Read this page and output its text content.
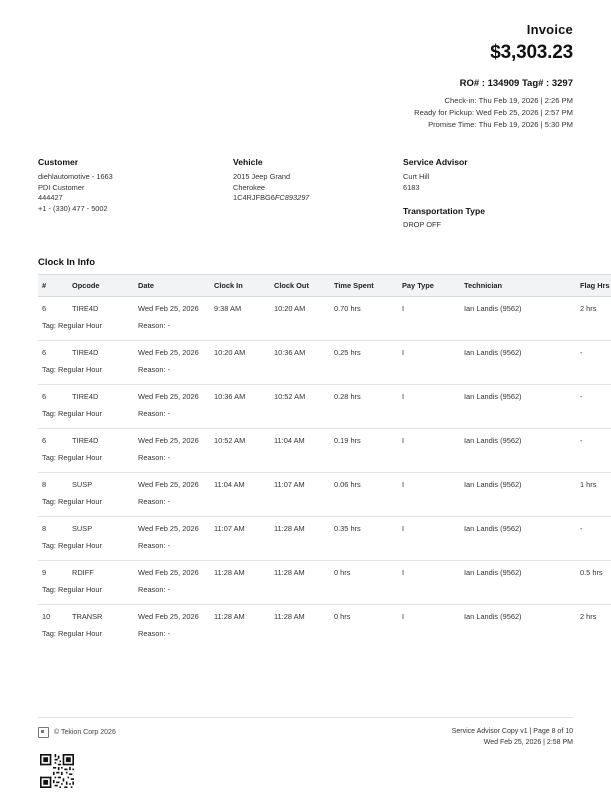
Invoice
$3,303.23
RO# : 134909 Tag# : 3297
Check-in: Thu Feb 19, 2026 | 2:26 PM
Ready for Pickup: Wed Feb 25, 2026 | 2:57 PM
Promise Time: Thu Feb 19, 2026 | 5:30 PM
Customer
diehlautomotive - 1663
PDI Customer
444427
+1 - (330) 477 - 5002
Vehicle
2015 Jeep Grand
Cherokee
1C4RJFBG6FC893297
Service Advisor
Curt Hill
6183
Transportation Type
DROP OFF
Clock In Info
#	Opcode	Date	Clock In	Clock Out	Time Spent	Pay Type	Technician	Flag Hrs
6	TIRE4D	Wed Feb 25, 2026	9:38 AM	10:20 AM	0.70 hrs	I	Ian Landis (9562)	2 hrs
Tag: Regular Hour		Reason: -						
6	TIRE4D	Wed Feb 25, 2026	10:20 AM	10:36 AM	0.25 hrs	I	Ian Landis (9562)	-
Tag: Regular Hour		Reason: -						
6	TIRE4D	Wed Feb 25, 2026	10:36 AM	10:52 AM	0.28 hrs	I	Ian Landis (9562)	-
Tag: Regular Hour		Reason: -						
6	TIRE4D	Wed Feb 25, 2026	10:52 AM	11:04 AM	0.19 hrs	I	Ian Landis (9562)	-
Tag: Regular Hour		Reason: -						
8	SUSP	Wed Feb 25, 2026	11:04 AM	11:07 AM	0.06 hrs	I	Ian Landis (9562)	1 hrs
Tag: Regular Hour		Reason: -						
8	SUSP	Wed Feb 25, 2026	11:07 AM	11:28 AM	0.35 hrs	I	Ian Landis (9562)	-
Tag: Regular Hour		Reason: -						
9	RDIFF	Wed Feb 25, 2026	11:28 AM	11:28 AM	0 hrs	I	Ian Landis (9562)	0.5 hrs
Tag: Regular Hour		Reason: -						
10	TRANSR	Wed Feb 25, 2026	11:28 AM	11:28 AM	0 hrs	I	Ian Landis (9562)	2 hrs
Tag: Regular Hour		Reason: -						
© Tekion Corp 2026	Service Advisor Copy v1 | Page 8 of 10
Wed Feb 25, 2026 | 2:58 PM
